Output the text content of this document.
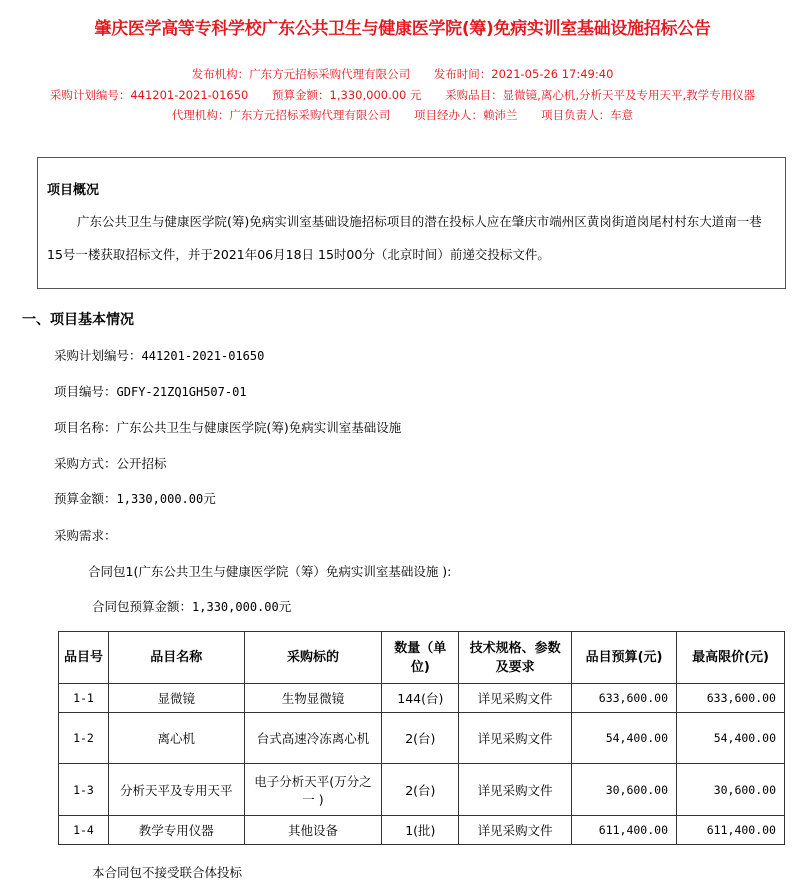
肇庆医学高等专科学校广东公共卫生与健康医学院(筹)免病实训室基础设施招标公告
发布机构：广东方元招标采购代理有限公司 发布时间：2021-05-26 17:49:40
采购计划编号：441201-2021-01650 预算金额：1,330,000.00 元 采购品目：显微镜,离心机,分析天平及专用天平,教学专用仪器
代理机构：广东方元招标采购代理有限公司 项目经办人：赖沛兰 项目负责人：车意
项目概况

广东公共卫生与健康医学院(筹)免病实训室基础设施招标项目的潜在投标人应在肇庆市端州区黄岗街道岗尾村村东大道南一巷15号一楼获取招标文件，并于2021年06月18日 15时00分（北京时间）前递交投标文件。

一、项目基本情况
采购计划编号：441201-2021-01650
项目编号：GDFY-21ZQ1GH507-01
项目名称：广东公共卫生与健康医学院(筹)免病实训室基础设施
采购方式：公开招标
预算金额：1,330,000.00元
采购需求：
合同包1(广东公共卫生与健康医学院（筹）免病实训室基础设施 ):
合同包预算金额：1,330,000.00元
品目号	品目名称	采购标的	数量（单位)	技术规格、参数及要求	品目预算(元)	最高限价(元)
1-1	显微镜	生物显微镜	144(台)	详见采购文件	633,600.00	633,600.00
1-2	离心机	台式高速冷冻离心机	2(台)	详见采购文件	54,400.00	54,400.00
1-3	分析天平及专用天平	电子分析天平(万分之一 )	2(台)	详见采购文件	30,600.00	30,600.00
1-4	教学专用仪器	其他设备	1(批)	详见采购文件	611,400.00	611,400.00
本合同包不接受联合体投标
